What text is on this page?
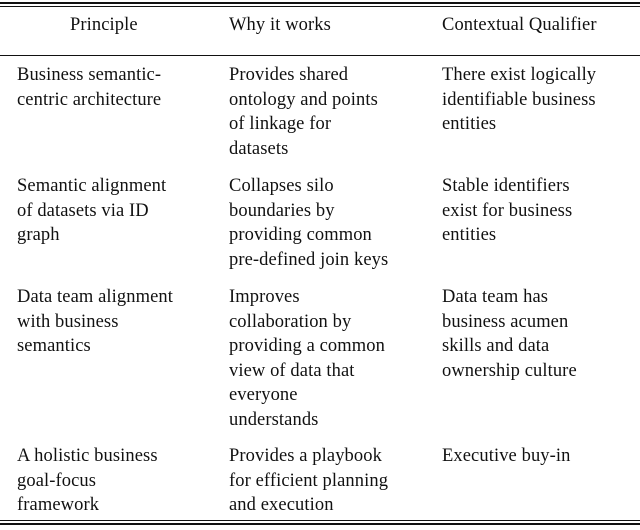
Principle	Why it works	Contextual Qualifier
Business semantic-
centric architecture
Provides shared
ontology and points
of linkage for
datasets
There exist logically
identifiable business
entities
Semantic alignment
of datasets via ID
graph
Collapses silo
boundaries by
providing common
pre-defined join keys
Stable identifiers
exist for business
entities
Data team alignment
with business
semantics
Improves
collaboration by
providing a common
view of data that
everyone
understands
Data team has
business acumen
skills and data
ownership culture
A holistic business
goal-focus
framework
Provides a playbook
for efficient planning
and execution
Executive buy-in
